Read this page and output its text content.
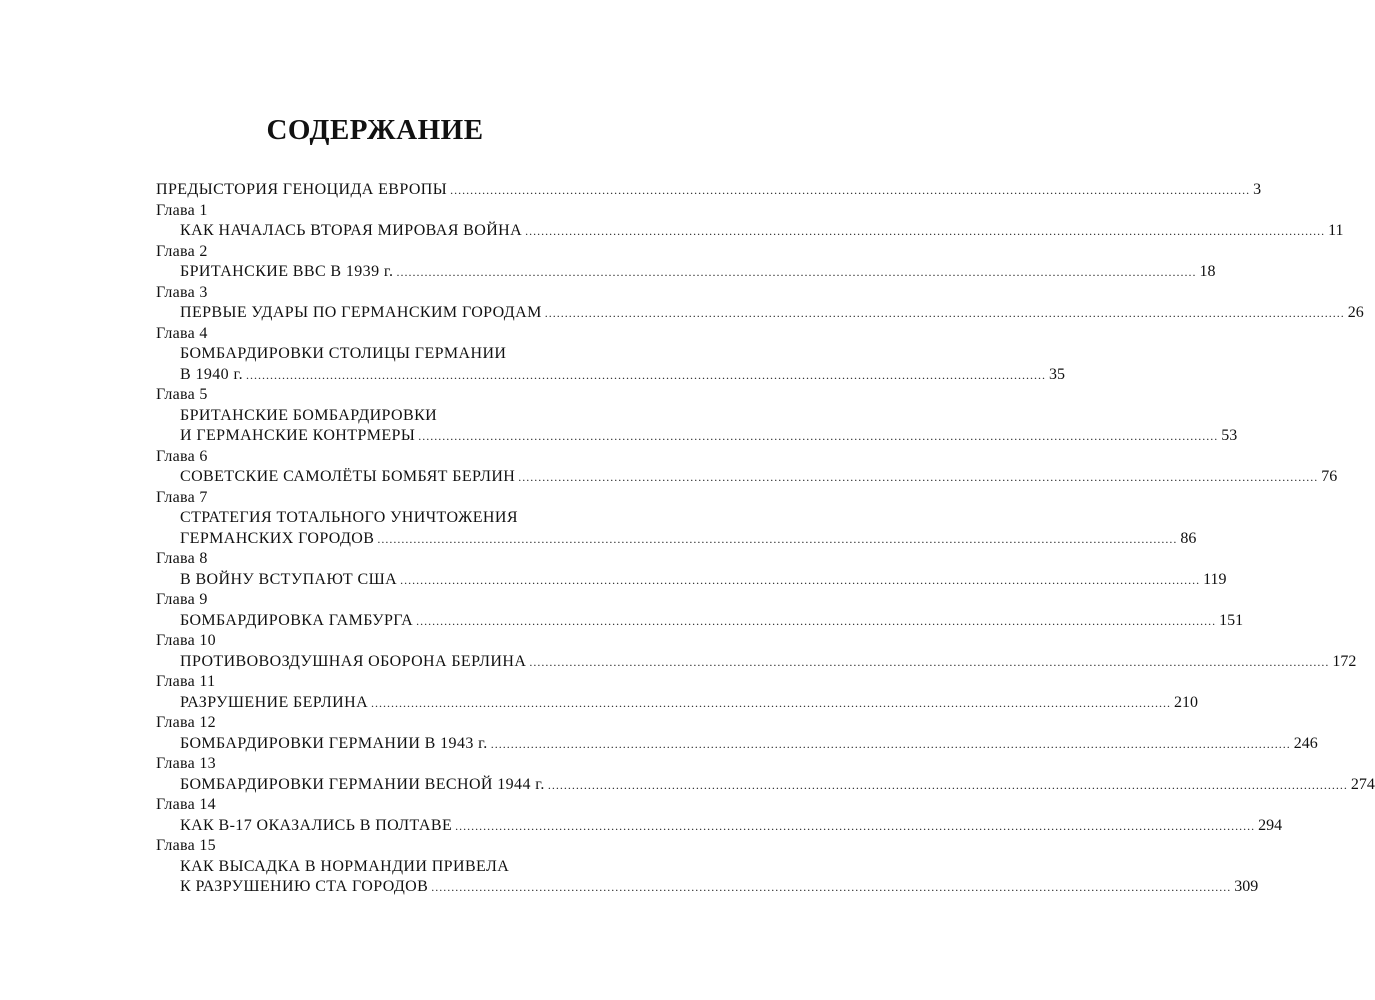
СОДЕРЖАНИЕ
ПРЕДЫСТОРИЯ ГЕНОЦИДА ЕВРОПЫ ........................................................................................................................................................................................................ 3
Глава 1
КАК НАЧАЛАСЬ ВТОРАЯ МИРОВАЯ ВОЙНА ........................................................................................................................................................................................................ 11
Глава 2
БРИТАНСКИЕ ВВС В 1939 г. ........................................................................................................................................................................................................ 18
Глава 3
ПЕРВЫЕ УДАРЫ ПО ГЕРМАНСКИМ ГОРОДАМ ........................................................................................................................................................................................................ 26
Глава 4
БОМБАРДИРОВКИ СТОЛИЦЫ ГЕРМАНИИ
В 1940 г. ........................................................................................................................................................................................................ 35
Глава 5
БРИТАНСКИЕ БОМБАРДИРОВКИ
И ГЕРМАНСКИЕ КОНТРМЕРЫ ........................................................................................................................................................................................................ 53
Глава 6
СОВЕТСКИЕ САМОЛЁТЫ БОМБЯТ БЕРЛИН ........................................................................................................................................................................................................ 76
Глава 7
СТРАТЕГИЯ ТОТАЛЬНОГО УНИЧТОЖЕНИЯ
ГЕРМАНСКИХ ГОРОДОВ ........................................................................................................................................................................................................ 86
Глава 8
В ВОЙНУ ВСТУПАЮТ США ........................................................................................................................................................................................................ 119
Глава 9
БОМБАРДИРОВКА ГАМБУРГА ........................................................................................................................................................................................................ 151
Глава 10
ПРОТИВОВОЗДУШНАЯ ОБОРОНА БЕРЛИНА ........................................................................................................................................................................................................ 172
Глава 11
РАЗРУШЕНИЕ БЕРЛИНА ........................................................................................................................................................................................................ 210
Глава 12
БОМБАРДИРОВКИ ГЕРМАНИИ В 1943 г. ........................................................................................................................................................................................................ 246
Глава 13
БОМБАРДИРОВКИ ГЕРМАНИИ ВЕСНОЙ 1944 г. ........................................................................................................................................................................................................ 274
Глава 14
КАК B-17 ОКАЗАЛИСЬ В ПОЛТАВЕ ........................................................................................................................................................................................................ 294
Глава 15
КАК ВЫСАДКА В НОРМАНДИИ ПРИВЕЛА
К РАЗРУШЕНИЮ СТА ГОРОДОВ ........................................................................................................................................................................................................ 309
